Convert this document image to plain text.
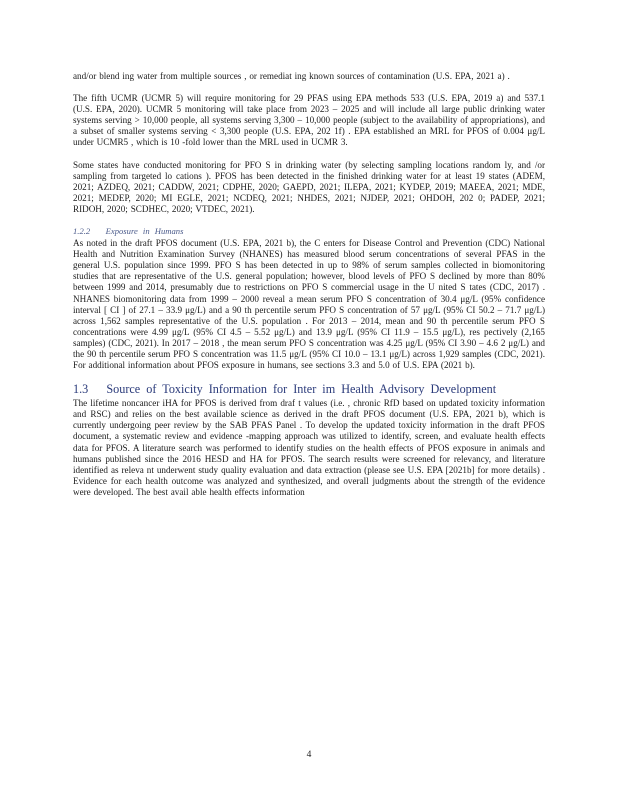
and/or blend ing water from multiple sources , or remediat ing known sources of contamination (U.S. EPA, 2021 a) .

The fifth UCMR (UCMR 5) will require monitoring for 29 PFAS using EPA methods 533 (U.S. EPA, 2019 a) and 537.1 (U.S. EPA, 2020). UCMR 5 monitoring will take place from 2023 – 2025 and will include all large public drinking water systems serving > 10,000 people, all systems serving 3,300 – 10,000 people (subject to the availability of appropriations), and a subset of smaller systems serving < 3,300 people (U.S. EPA, 202 1f) . EPA established an MRL for PFOS of 0.004 μg/L under UCMR5 , which is 10 -fold lower than the MRL used in UCMR 3.

Some states have conducted monitoring for PFO S in drinking water (by selecting sampling locations random ly, and /or sampling from targeted lo cations ). PFOS has been detected in the finished drinking water for at least 19 states (ADEM, 2021; AZDEQ, 2021; CADDW, 2021; CDPHE, 2020; GAEPD, 2021; ILEPA, 2021; KYDEP, 2019; MAEEA, 2021; MDE, 2021; MEDEP, 2020; MI EGLE, 2021; NCDEQ, 2021; NHDES, 2021; NJDEP, 2021; OHDOH, 202 0; PADEP, 2021; RIDOH, 2020; SCDHEC, 2020; VTDEC, 2021).

1.2.2 Exposure in Humans

As noted in the draft PFOS document (U.S. EPA, 2021 b), the C enters for Disease Control and Prevention (CDC) National Health and Nutrition Examination Survey (NHANES) has measured blood serum concentrations of several PFAS in the general U.S. population since 1999. PFO S has been detected in up to 98% of serum samples collected in biomonitoring studies that are representative of the U.S. general population; however, blood levels of PFO S declined by more than 80% between 1999 and 2014, presumably due to restrictions on PFO S commercial usage in the U nited S tates (CDC, 2017) . NHANES biomonitoring data from 1999 – 2000 reveal a mean serum PFO S concentration of 30.4 μg/L (95% confidence interval [ CI ] of 27.1 – 33.9 μg/L) and a 90 th percentile serum PFO S concentration of 57 μg/L (95% CI 50.2 – 71.7 μg/L) across 1,562 samples representative of the U.S. population . For 2013 – 2014, mean and 90 th percentile serum PFO S concentrations were 4.99 μg/L (95% CI 4.5 – 5.52 μg/L) and 13.9 μg/L (95% CI 11.9 – 15.5 μg/L), res pectively (2,165 samples) (CDC, 2021). In 2017 – 2018 , the mean serum PFO S concentration was 4.25 μg/L (95% CI 3.90 – 4.6 2 μg/L) and the 90 th percentile serum PFO S concentration was 11.5 μg/L (95% CI 10.0 – 13.1 μg/L) across 1,929 samples (CDC, 2021). For additional information about PFOS exposure in humans, see sections 3.3 and 5.0 of U.S. EPA (2021 b).

1.3 Source of Toxicity Information for Inter im Health Advisory Development

The lifetime noncancer iHA for PFOS is derived from draf t values (i.e. , chronic RfD based on updated toxicity information and RSC) and relies on the best available science as derived in the draft PFOS document (U.S. EPA, 2021 b), which is currently undergoing peer review by the SAB PFAS Panel . To develop the updated toxicity information in the draft PFOS document, a systematic review and evidence -mapping approach was utilized to identify, screen, and evaluate health effects data for PFOS. A literature search was performed to identify studies on the health effects of PFOS exposure in animals and humans published since the 2016 HESD and HA for PFOS. The search results were screened for relevancy, and literature identified as releva nt underwent study quality evaluation and data extraction (please see U.S. EPA [2021b] for more details) . Evidence for each health outcome was analyzed and synthesized, and overall judgments about the strength of the evidence were developed. The best avail able health effects information

4
